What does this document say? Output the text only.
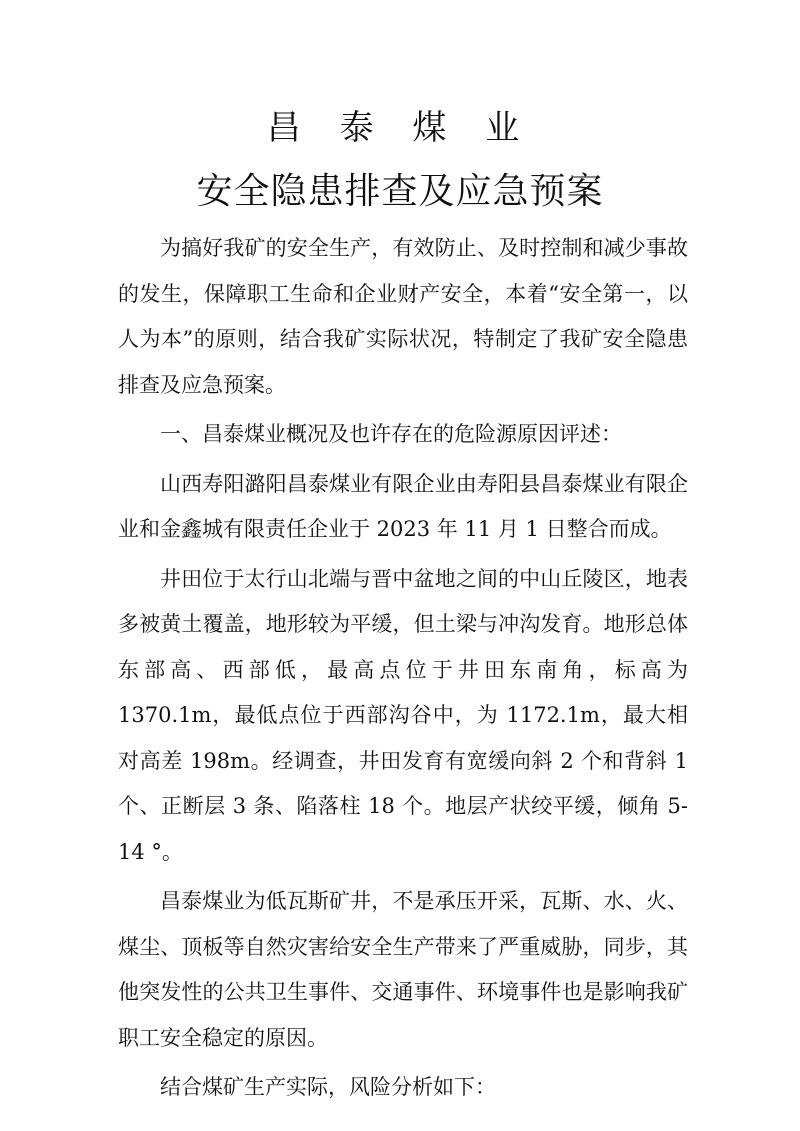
昌 泰 煤 业
安全隐患排查及应急预案

为搞好我矿的安全生产，有效防止、及时控制和减少事故的发生，保障职工生命和企业财产安全，本着“安全第一，以人为本”的原则，结合我矿实际状况，特制定了我矿安全隐患排查及应急预案。

一、昌泰煤业概况及也许存在的危险源原因评述：

山西寿阳潞阳昌泰煤业有限企业由寿阳县昌泰煤业有限企业和金鑫城有限责任企业于 2023 年 11 月 1 日整合而成。

井田位于太行山北端与晋中盆地之间的中山丘陵区，地表多被黄土覆盖，地形较为平缓，但土梁与冲沟发育。地形总体东部高、西部低，最高点位于井田东南角，标高为 1370.1m，最低点位于西部沟谷中，为 1172.1m，最大相对高差 198m。经调查，井田发育有宽缓向斜 2 个和背斜 1 个、正断层 3 条、陷落柱 18 个。地层产状绞平缓，倾角 5-14 °。

昌泰煤业为低瓦斯矿井，不是承压开采，瓦斯、水、火、煤尘、顶板等自然灾害给安全生产带来了严重威胁，同步，其他突发性的公共卫生事件、交通事件、环境事件也是影响我矿职工安全稳定的原因。

结合煤矿生产实际，风险分析如下：
